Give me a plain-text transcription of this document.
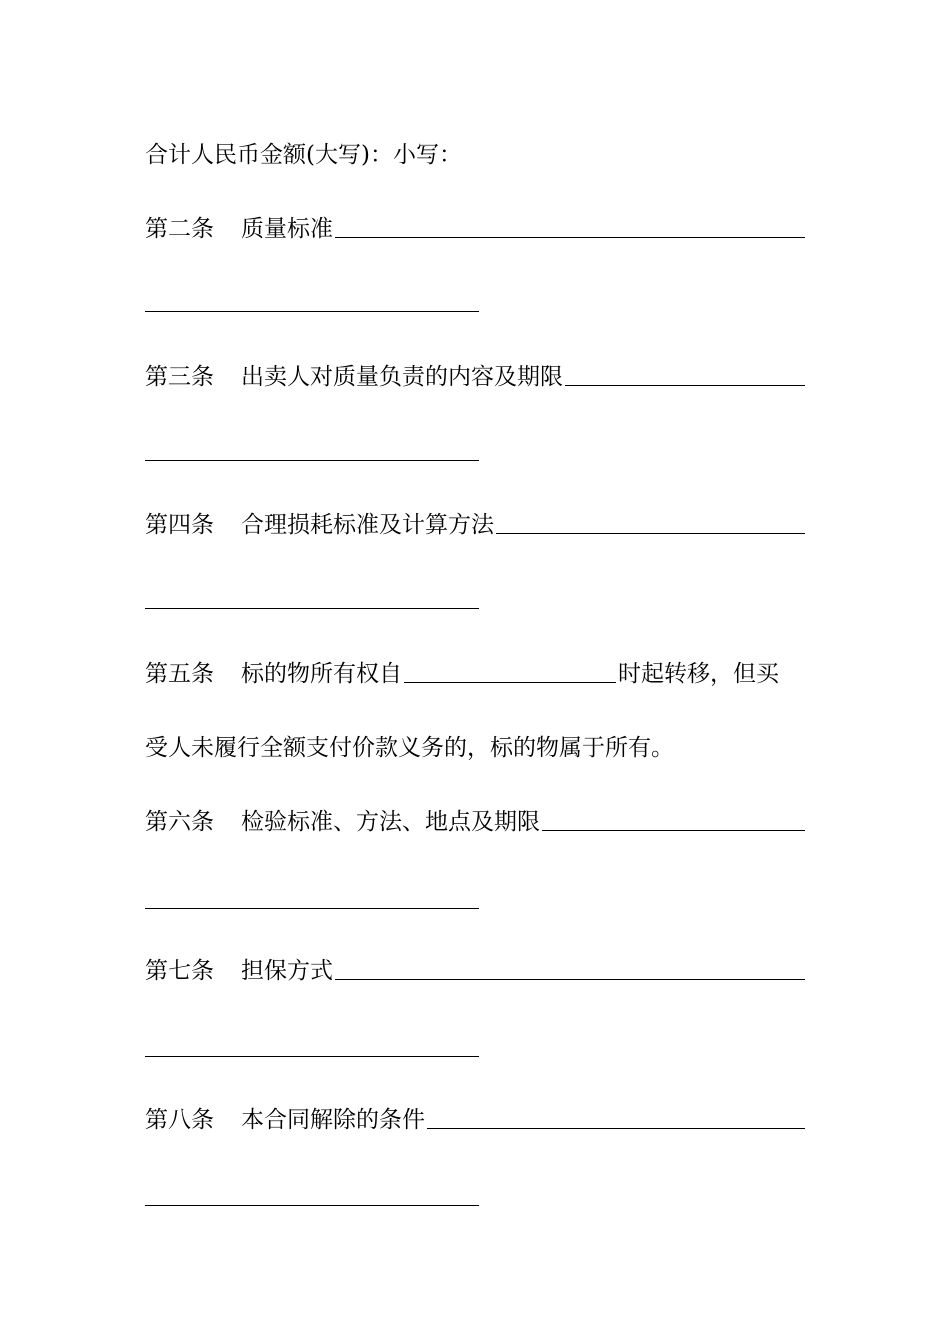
合计人民币金额(大写)：小写：
第二条	质量标准
第三条	出卖人对质量负责的内容及期限
第四条	合理损耗标准及计算方法
第五条	标的物所有权自	时起转移，但买
受人未履行全额支付价款义务的，标的物属于所有。
第六条	检验标准、方法、地点及期限
第七条	担保方式
第八条	本合同解除的条件
